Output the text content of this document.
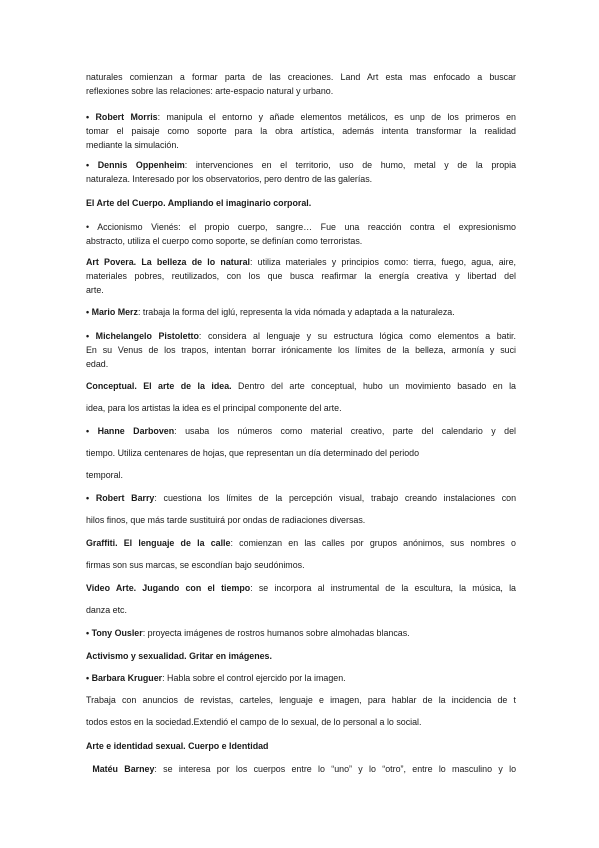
naturales comienzan a formar parta de las creaciones. Land Art esta mas enfocado a buscar
reflexiones sobre las relaciones: arte-espacio natural y urbano.
• Robert Morris: manipula el entorno y añade elementos metálicos, es unp de los primeros en
tomar el paisaje como soporte para la obra artística, además intenta transformar la realidad
mediante la simulación.
• Dennis Oppenheim: intervenciones en el territorio, uso de humo, metal y de la propia
naturaleza. Interesado por los observatorios, pero dentro de las galerías.
El Arte del Cuerpo. Ampliando el imaginario corporal.
• Accionismo Vienés: el propio cuerpo, sangre… Fue una reacción contra el expresionismo
abstracto, utiliza el cuerpo como soporte, se definían como terroristas.
Art Povera. La belleza de lo natural: utiliza materiales y principios como: tierra, fuego, agua, aire,
materiales pobres, reutilizados, con los que busca reafirmar la energía creativa y libertad del
arte.
• Mario Merz: trabaja la forma del iglú, representa la vida nómada y adaptada a la naturaleza.
• Michelangelo Pistoletto: considera al lenguaje y su estructura lógica como elementos a batir.
En su Venus de los trapos, intentan borrar irónicamente los límites de la belleza, armonía y suci
edad.
Conceptual. El arte de la idea. Dentro del arte conceptual, hubo un movimiento basado en la
idea, para los artistas la idea es el principal componente del arte.
• Hanne Darboven: usaba los números como material creativo, parte del calendario y del
tiempo. Utiliza centenares de hojas, que representan un día determinado del periodo
temporal.
• Robert Barry: cuestiona los límites de la percepción visual, trabajo creando instalaciones con
hilos finos, que más tarde sustituirá por ondas de radiaciones diversas.
Graffiti. El lenguaje de la calle: comienzan en las calles por grupos anónimos, sus nombres o
firmas son sus marcas, se escondían bajo seudónimos.
Video Arte. Jugando con el tiempo: se incorpora al instrumental de la escultura, la música, la
danza etc.
• Tony Ousler: proyecta imágenes de rostros humanos sobre almohadas blancas.
Activismo y sexualidad. Gritar en imágenes.
• Barbara Kruguer: Habla sobre el control ejercido por la imagen.
Trabaja con anuncios de revistas, carteles, lenguaje e imagen, para hablar de la incidencia de t
todos estos en la sociedad.Extendió el campo de lo sexual, de lo personal a lo social.
Arte e identidad sexual. Cuerpo e Identidad
Matéu Barney: se interesa por los cuerpos entre lo “uno” y lo “otro”, entre lo masculino y lo
